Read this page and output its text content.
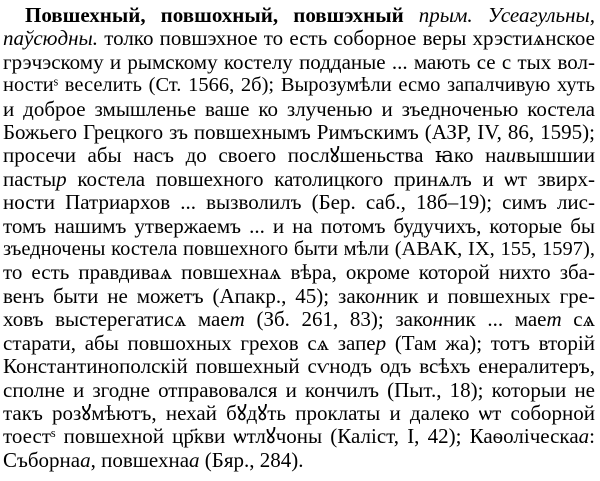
Повшехный, повшохный, повшэхный прым. Усеагульны,
паўсюдны. толко повшэхное то есть соборное веры хрэстиѧнское
грэчэскому и рымскому костелу подданые ... мають се с тых вол-
ностиˢ веселить (Ст. 1566, 2б); Вырозумѣли есмо запалчивую хуть
и доброе змышленье ваше ко злученью и зъеднoченью костела
Божьего Грецкого зъ повшехнымъ Римъскимъ (АЗР, IV, 86, 1595);
просечи абы насъ до своего послꙋшеньства ꙗко наивышшии
пастыр костела повшехного католицкого принѧлъ и ѡт звирх-
ности Патриархов ... вызволилъ (Бер. саб., 18б–19); симъ лис-
томъ нашимъ утвержаемъ ... и на потомъ будучихъ, которые бы
зъедночены костела повшехного быти мѣли (АВАК, IX, 155, 1597),
то есть правдиваѧ повшехнаѧ вѣра, окроме которой нихто зба-
венъ быти не можетъ (Апакр., 45); законник и повшехных гре-
ховъ выстерегатисѧ мает (Зб. 261, 83); законник ... мает сѧ
старати, абы повшохных грехов сѧ запер (Там жа); тотъ вторій
Константинополскій повшехный сѵнодъ одъ всѣхъ енералитеръ,
сполне и згодне отправовался и кончилъ (Пыт., 18); которыи не
такъ розꙋмѣютъ, нехай бꙋдꙋть проклаты и далеко ѡт соборной
тоестˢ повшехной цр҃кви ѡтлꙋчоны (Каліст, I, 42); Каѳолiческаа:
Съборнаа, повшехнаа (Бяр., 284).
